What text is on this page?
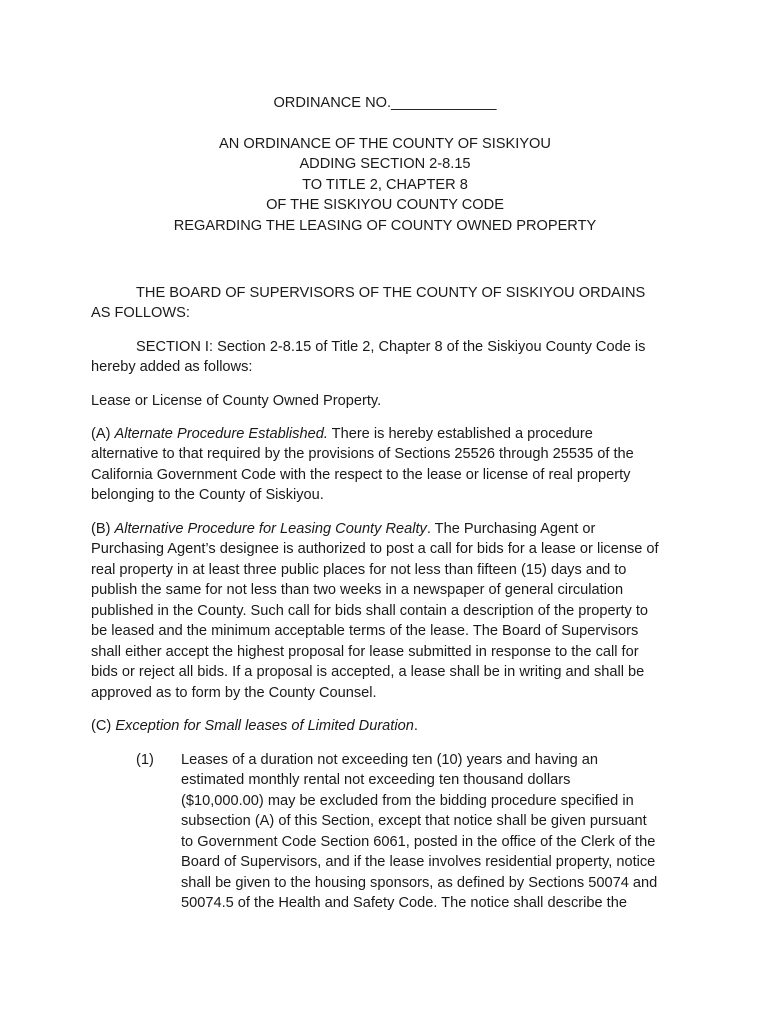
ORDINANCE NO._____________
AN ORDINANCE OF THE COUNTY OF SISKIYOU
ADDING SECTION 2-8.15
TO TITLE 2, CHAPTER 8
OF THE SISKIYOU COUNTY CODE
REGARDING THE LEASING OF COUNTY OWNED PROPERTY
THE BOARD OF SUPERVISORS OF THE COUNTY OF SISKIYOU ORDAINS
AS FOLLOWS:
SECTION I: Section 2-8.15 of Title 2, Chapter 8 of the Siskiyou County Code is
hereby added as follows:
Lease or License of County Owned Property.
(A) Alternate Procedure Established. There is hereby established a procedure
alternative to that required by the provisions of Sections 25526 through 25535 of the
California Government Code with the respect to the lease or license of real property
belonging to the County of Siskiyou.
(B) Alternative Procedure for Leasing County Realty. The Purchasing Agent or
Purchasing Agent’s designee is authorized to post a call for bids for a lease or license of
real property in at least three public places for not less than fifteen (15) days and to
publish the same for not less than two weeks in a newspaper of general circulation
published in the County. Such call for bids shall contain a description of the property to
be leased and the minimum acceptable terms of the lease. The Board of Supervisors
shall either accept the highest proposal for lease submitted in response to the call for
bids or reject all bids. If a proposal is accepted, a lease shall be in writing and shall be
approved as to form by the County Counsel.
(C) Exception for Small leases of Limited Duration.
(1) Leases of a duration not exceeding ten (10) years and having an
estimated monthly rental not exceeding ten thousand dollars
($10,000.00) may be excluded from the bidding procedure specified in
subsection (A) of this Section, except that notice shall be given pursuant
to Government Code Section 6061, posted in the office of the Clerk of the
Board of Supervisors, and if the lease involves residential property, notice
shall be given to the housing sponsors, as defined by Sections 50074 and
50074.5 of the Health and Safety Code. The notice shall describe the
